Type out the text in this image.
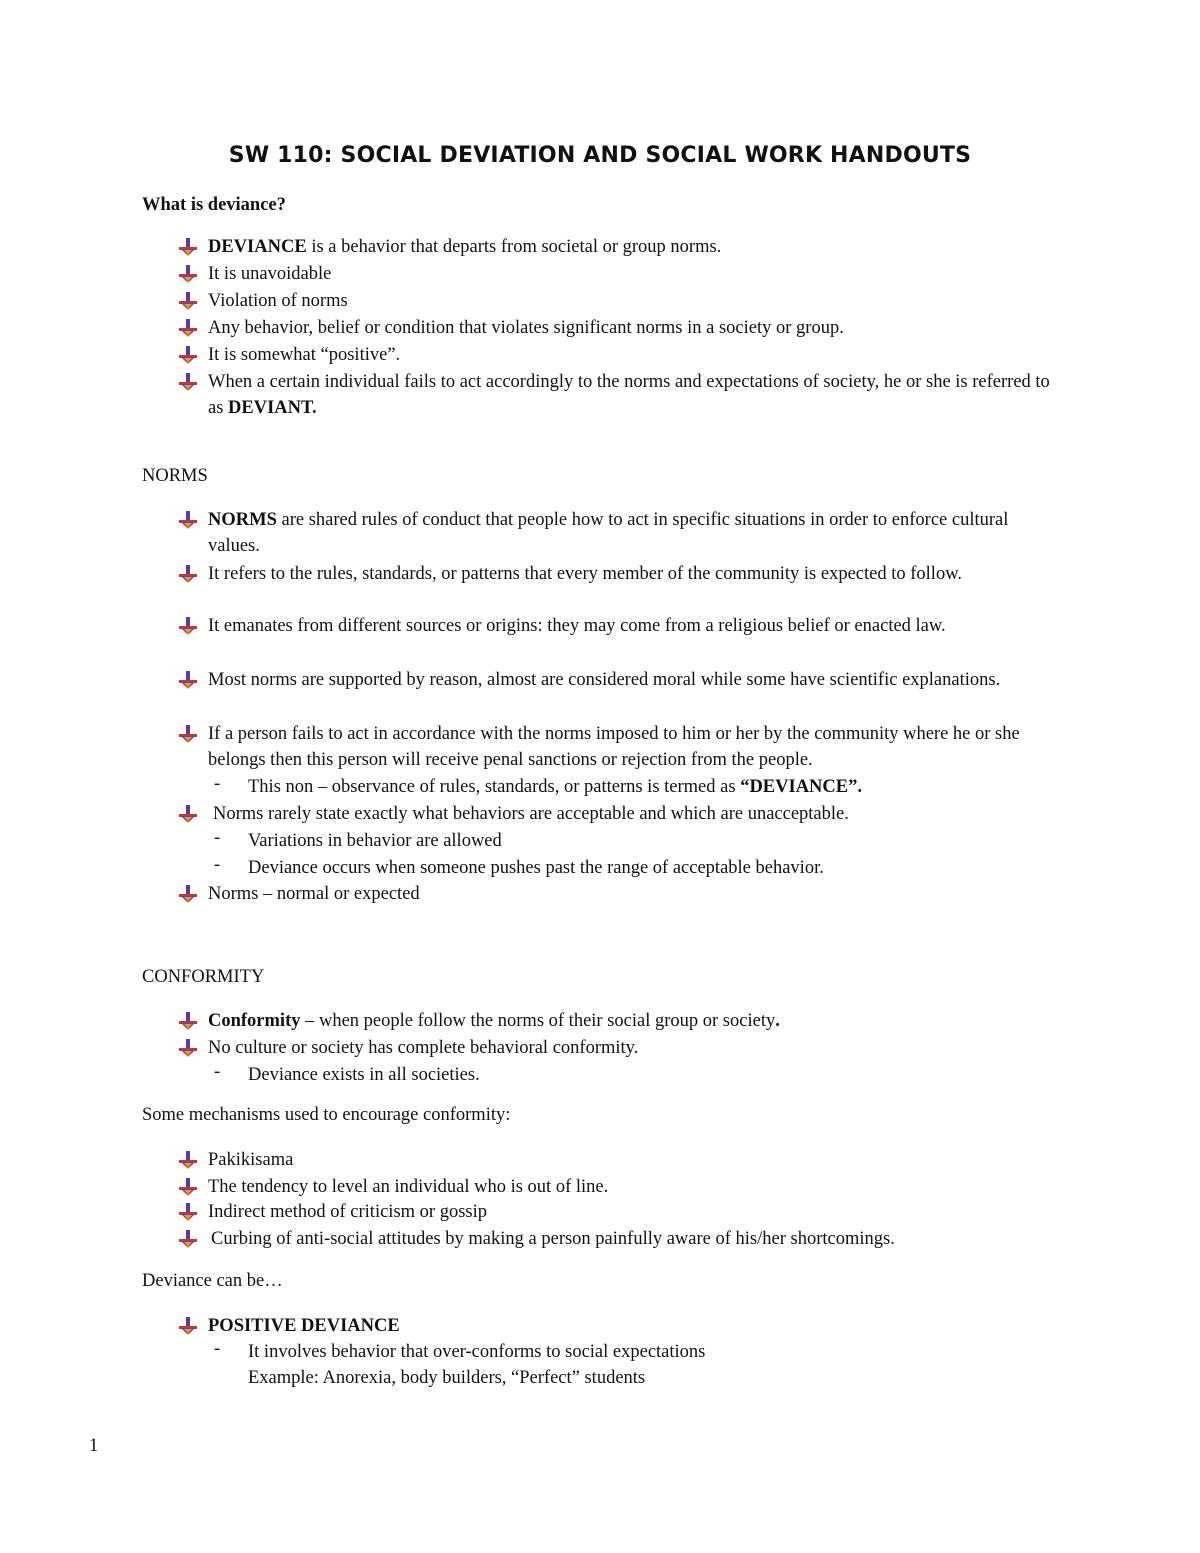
SW 110: SOCIAL DEVIATION AND SOCIAL WORK HANDOUTS
What is deviance?
DEVIANCE is a behavior that departs from societal or group norms.
It is unavoidable
Violation of norms
Any behavior, belief or condition that violates significant norms in a society or group.
It is somewhat “positive”.
When a certain individual fails to act accordingly to the norms and expectations of society, he or she is referred to as DEVIANT.
NORMS
NORMS are shared rules of conduct that people how to act in specific situations in order to enforce cultural values.
It refers to the rules, standards, or patterns that every member of the community is expected to follow.
It emanates from different sources or origins: they may come from a religious belief or enacted law.
Most norms are supported by reason, almost are considered moral while some have scientific explanations.
If a person fails to act in accordance with the norms imposed to him or her by the community where he or she belongs then this person will receive penal sanctions or rejection from the people.
- This non – observance of rules, standards, or patterns is termed as “DEVIANCE”.
Norms rarely state exactly what behaviors are acceptable and which are unacceptable.
- Variations in behavior are allowed
- Deviance occurs when someone pushes past the range of acceptable behavior.
Norms – normal or expected
CONFORMITY
Conformity – when people follow the norms of their social group or society.
No culture or society has complete behavioral conformity.
- Deviance exists in all societies.
Some mechanisms used to encourage conformity:
Pakikisama
The tendency to level an individual who is out of line.
Indirect method of criticism or gossip
Curbing of anti-social attitudes by making a person painfully aware of his/her shortcomings.
Deviance can be…
POSITIVE DEVIANCE
- It involves behavior that over-conforms to social expectations
Example: Anorexia, body builders, “Perfect” students
1
